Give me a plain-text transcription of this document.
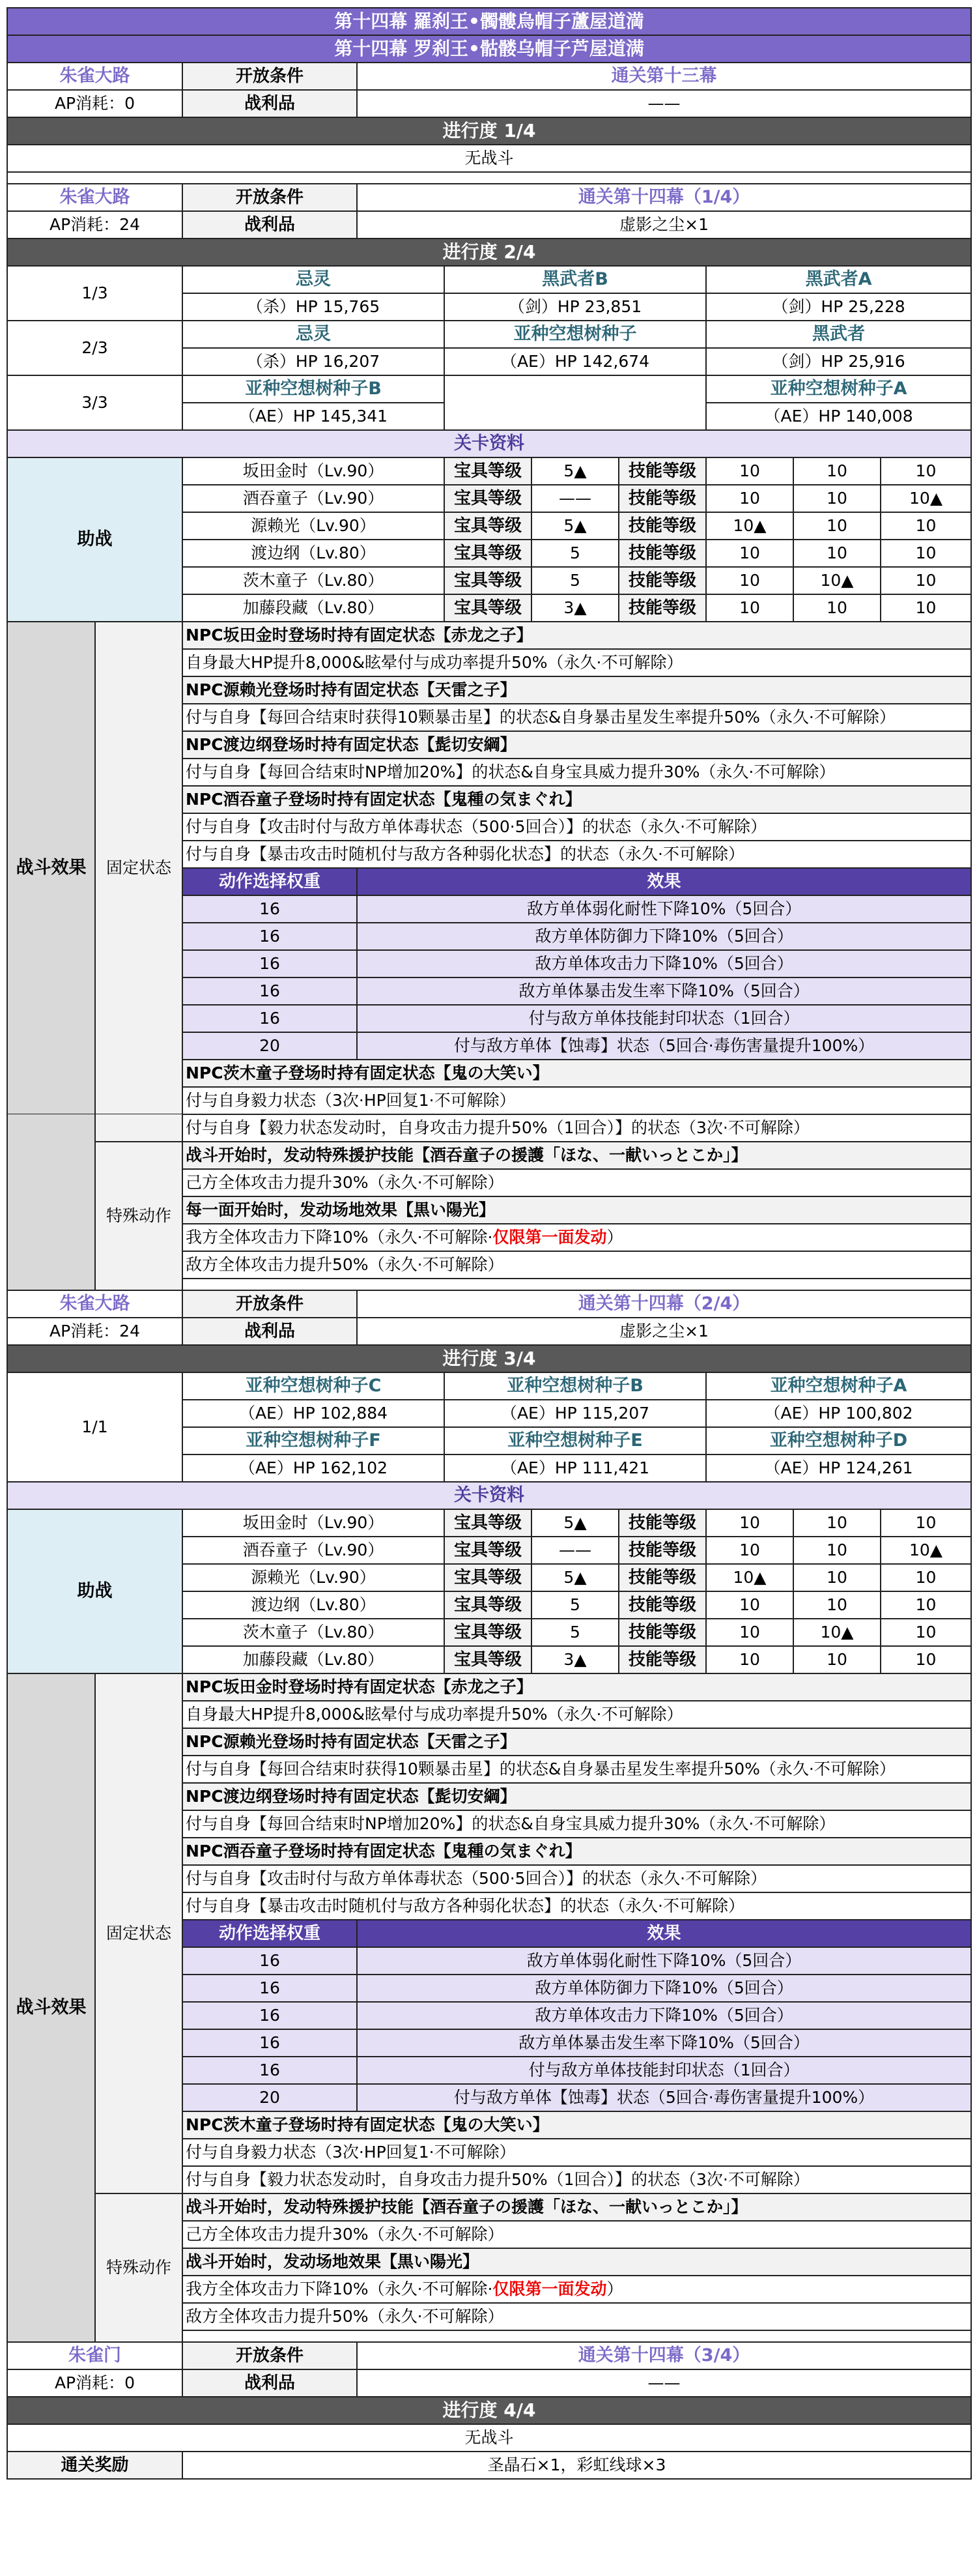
第十四幕 羅刹王•髑髏烏帽子蘆屋道満									
第十四幕 罗刹王•骷髅乌帽子芦屋道满									
朱雀大路		开放条件	通关第十三幕						
AP消耗：0		战利品	——						
进行度 1/4									
无战斗									

朱雀大路		开放条件	通关第十四幕（1/4）						
AP消耗：24		战利品	虚影之尘×1						
进行度 2/4									
1/3		忌灵		黑武者B			黑武者A		
		（杀）HP 15,765		（剑）HP 23,851			（剑）HP 25,228		
2/3		忌灵		亚种空想树种子			黑武者		
		（杀）HP 16,207		（AE）HP 142,674			（剑）HP 25,916		
3/3		亚种空想树种子B					亚种空想树种子A		
		（AE）HP 145,341					（AE）HP 140,008		
关卡资料									
助战		坂田金时（Lv.90）		宝具等级	5▲	技能等级	10	10	10
		酒吞童子（Lv.90）		宝具等级	——	技能等级	10	10	10▲
		源赖光（Lv.90）		宝具等级	5▲	技能等级	10▲	10	10
		渡边纲（Lv.80）		宝具等级	5	技能等级	10	10	10
		茨木童子（Lv.80）		宝具等级	5	技能等级	10	10▲	10
		加藤段藏（Lv.80）		宝具等级	3▲	技能等级	10	10	10
战斗效果	固定状态	NPC坂田金时登场时持有固定状态【赤龙之子】							
		自身最大HP提升8,000&眩晕付与成功率提升50%（永久·不可解除）							
		NPC源赖光登场时持有固定状态【天雷之子】							
		付与自身【每回合结束时获得10颗暴击星】的状态&自身暴击星发生率提升50%（永久·不可解除）							
		NPC渡边纲登场时持有固定状态【髭切安綱】							
		付与自身【每回合结束时NP增加20%】的状态&自身宝具威力提升30%（永久·不可解除）							
		NPC酒吞童子登场时持有固定状态【鬼種の気まぐれ】							
		付与自身【攻击时付与敌方单体毒状态（500·5回合）】的状态（永久·不可解除）							
		付与自身【暴击攻击时随机付与敌方各种弱化状态】的状态（永久·不可解除）							
		动作选择权重	效果						
		16	敌方单体弱化耐性下降10%（5回合）						
		16	敌方单体防御力下降10%（5回合）						
		16	敌方单体攻击力下降10%（5回合）						
		16	敌方单体暴击发生率下降10%（5回合）						
		16	付与敌方单体技能封印状态（1回合）						
		20	付与敌方单体【蚀毒】状态（5回合·毒伤害量提升100%）						
		NPC茨木童子登场时持有固定状态【鬼の大笑い】							
		付与自身毅力状态（3次·HP回复1·不可解除）							

		付与自身【毅力状态发动时，自身攻击力提升50%（1回合）】的状态（3次·不可解除）							
	特殊动作	战斗开始时，发动特殊援护技能【酒吞童子の援護「ほな、一献いっとこか」】							
		己方全体攻击力提升30%（永久·不可解除）							
		每一面开始时，发动场地效果【黒い陽光】							
		我方全体攻击力下降10%（永久·不可解除·仅限第一面发动）							
		敌方全体攻击力提升50%（永久·不可解除）							

朱雀大路		开放条件	通关第十四幕（2/4）						
AP消耗：24		战利品	虚影之尘×1						
进行度 3/4									
1/1		亚种空想树种子C		亚种空想树种子B			亚种空想树种子A		
		（AE）HP 102,884		（AE）HP 115,207			（AE）HP 100,802		
		亚种空想树种子F		亚种空想树种子E			亚种空想树种子D		
		（AE）HP 162,102		（AE）HP 111,421			（AE）HP 124,261		
关卡资料									
助战		坂田金时（Lv.90）		宝具等级	5▲	技能等级	10	10	10
		酒吞童子（Lv.90）		宝具等级	——	技能等级	10	10	10▲
		源赖光（Lv.90）		宝具等级	5▲	技能等级	10▲	10	10
		渡边纲（Lv.80）		宝具等级	5	技能等级	10	10	10
		茨木童子（Lv.80）		宝具等级	5	技能等级	10	10▲	10
		加藤段藏（Lv.80）		宝具等级	3▲	技能等级	10	10	10
战斗效果	固定状态	NPC坂田金时登场时持有固定状态【赤龙之子】							
		自身最大HP提升8,000&眩晕付与成功率提升50%（永久·不可解除）							
		NPC源赖光登场时持有固定状态【天雷之子】							
		付与自身【每回合结束时获得10颗暴击星】的状态&自身暴击星发生率提升50%（永久·不可解除）							
		NPC渡边纲登场时持有固定状态【髭切安綱】							
		付与自身【每回合结束时NP增加20%】的状态&自身宝具威力提升30%（永久·不可解除）							
		NPC酒吞童子登场时持有固定状态【鬼種の気まぐれ】							
		付与自身【攻击时付与敌方单体毒状态（500·5回合）】的状态（永久·不可解除）							
		付与自身【暴击攻击时随机付与敌方各种弱化状态】的状态（永久·不可解除）							
		动作选择权重	效果						
		16	敌方单体弱化耐性下降10%（5回合）						
		16	敌方单体防御力下降10%（5回合）						
		16	敌方单体攻击力下降10%（5回合）						
		16	敌方单体暴击发生率下降10%（5回合）						
		16	付与敌方单体技能封印状态（1回合）						
		20	付与敌方单体【蚀毒】状态（5回合·毒伤害量提升100%）						
		NPC茨木童子登场时持有固定状态【鬼の大笑い】							
		付与自身毅力状态（3次·HP回复1·不可解除）							
		付与自身【毅力状态发动时，自身攻击力提升50%（1回合）】的状态（3次·不可解除）							
	特殊动作	战斗开始时，发动特殊援护技能【酒吞童子の援護「ほな、一献いっとこか」】							
		己方全体攻击力提升30%（永久·不可解除）							
		战斗开始时，发动场地效果【黒い陽光】							
		我方全体攻击力下降10%（永久·不可解除·仅限第一面发动）							
		敌方全体攻击力提升50%（永久·不可解除）							

朱雀门		开放条件	通关第十四幕（3/4）						
AP消耗：0		战利品	——						
进行度 4/4									
无战斗									
通关奖励		圣晶石×1，彩虹线球×3							
